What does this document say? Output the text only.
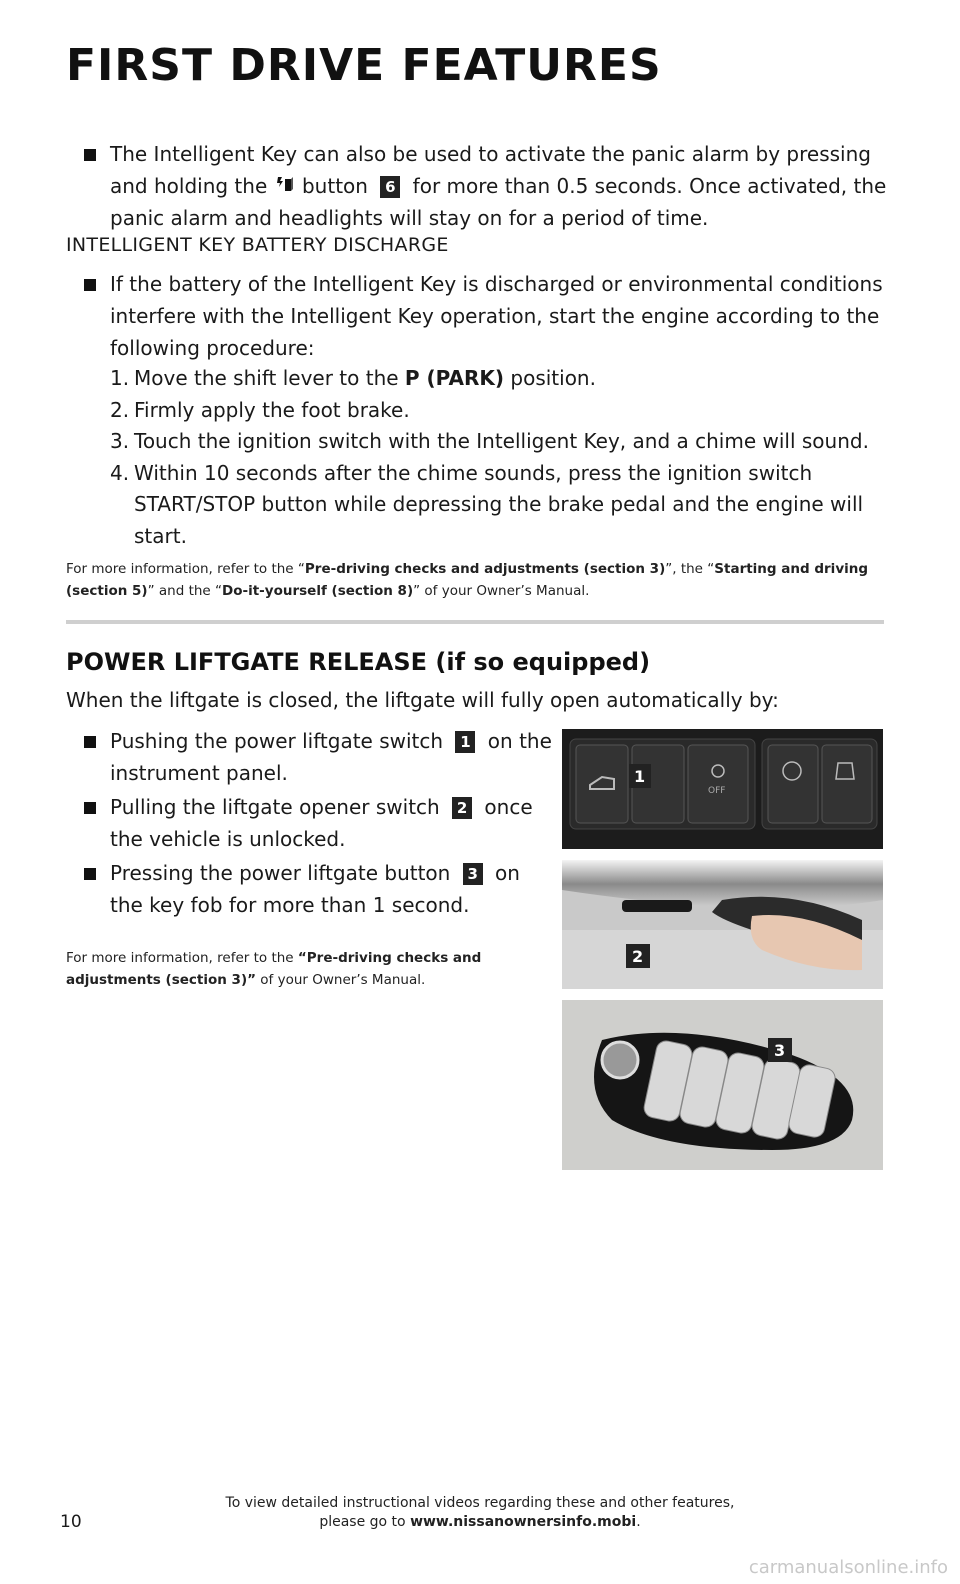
FIRST DRIVE FEATURES
The Intelligent Key can also be used to activate the panic alarm by pressing and holding the  button 6 for more than 0.5 seconds. Once activated, the panic alarm and headlights will stay on for a period of time.
INTELLIGENT KEY BATTERY DISCHARGE
If the battery of the Intelligent Key is discharged or environmental conditions interfere with the Intelligent Key operation, start the engine according to the following procedure:
1. Move the shift lever to the P (PARK) position.
2. Firmly apply the foot brake.
3. Touch the ignition switch with the Intelligent Key, and a chime will sound.
4. Within 10 seconds after the chime sounds, press the ignition switch START/STOP button while depressing the brake pedal and the engine will start.

For more information, refer to the “Pre-driving checks and adjustments (section 3)”, the “Starting and driving (section 5)” and the “Do-it-yourself (section 8)” of your Owner’s Manual.

POWER LIFTGATE RELEASE (if so equipped)
When the liftgate is closed, the liftgate will fully open automatically by:
Pushing the power liftgate switch 1 on the instrument panel.
Pulling the liftgate opener switch 2 once the vehicle is unlocked.
Pressing the power liftgate button 3 on the key fob for more than 1 second.

For more information, refer to the “Pre-driving checks and adjustments (section 3)” of your Owner’s Manual.

OFF
1
2
3
To view detailed instructional videos regarding these and other features,
please go to www.nissanownersinfo.mobi.
10
carmanualsonline.info
